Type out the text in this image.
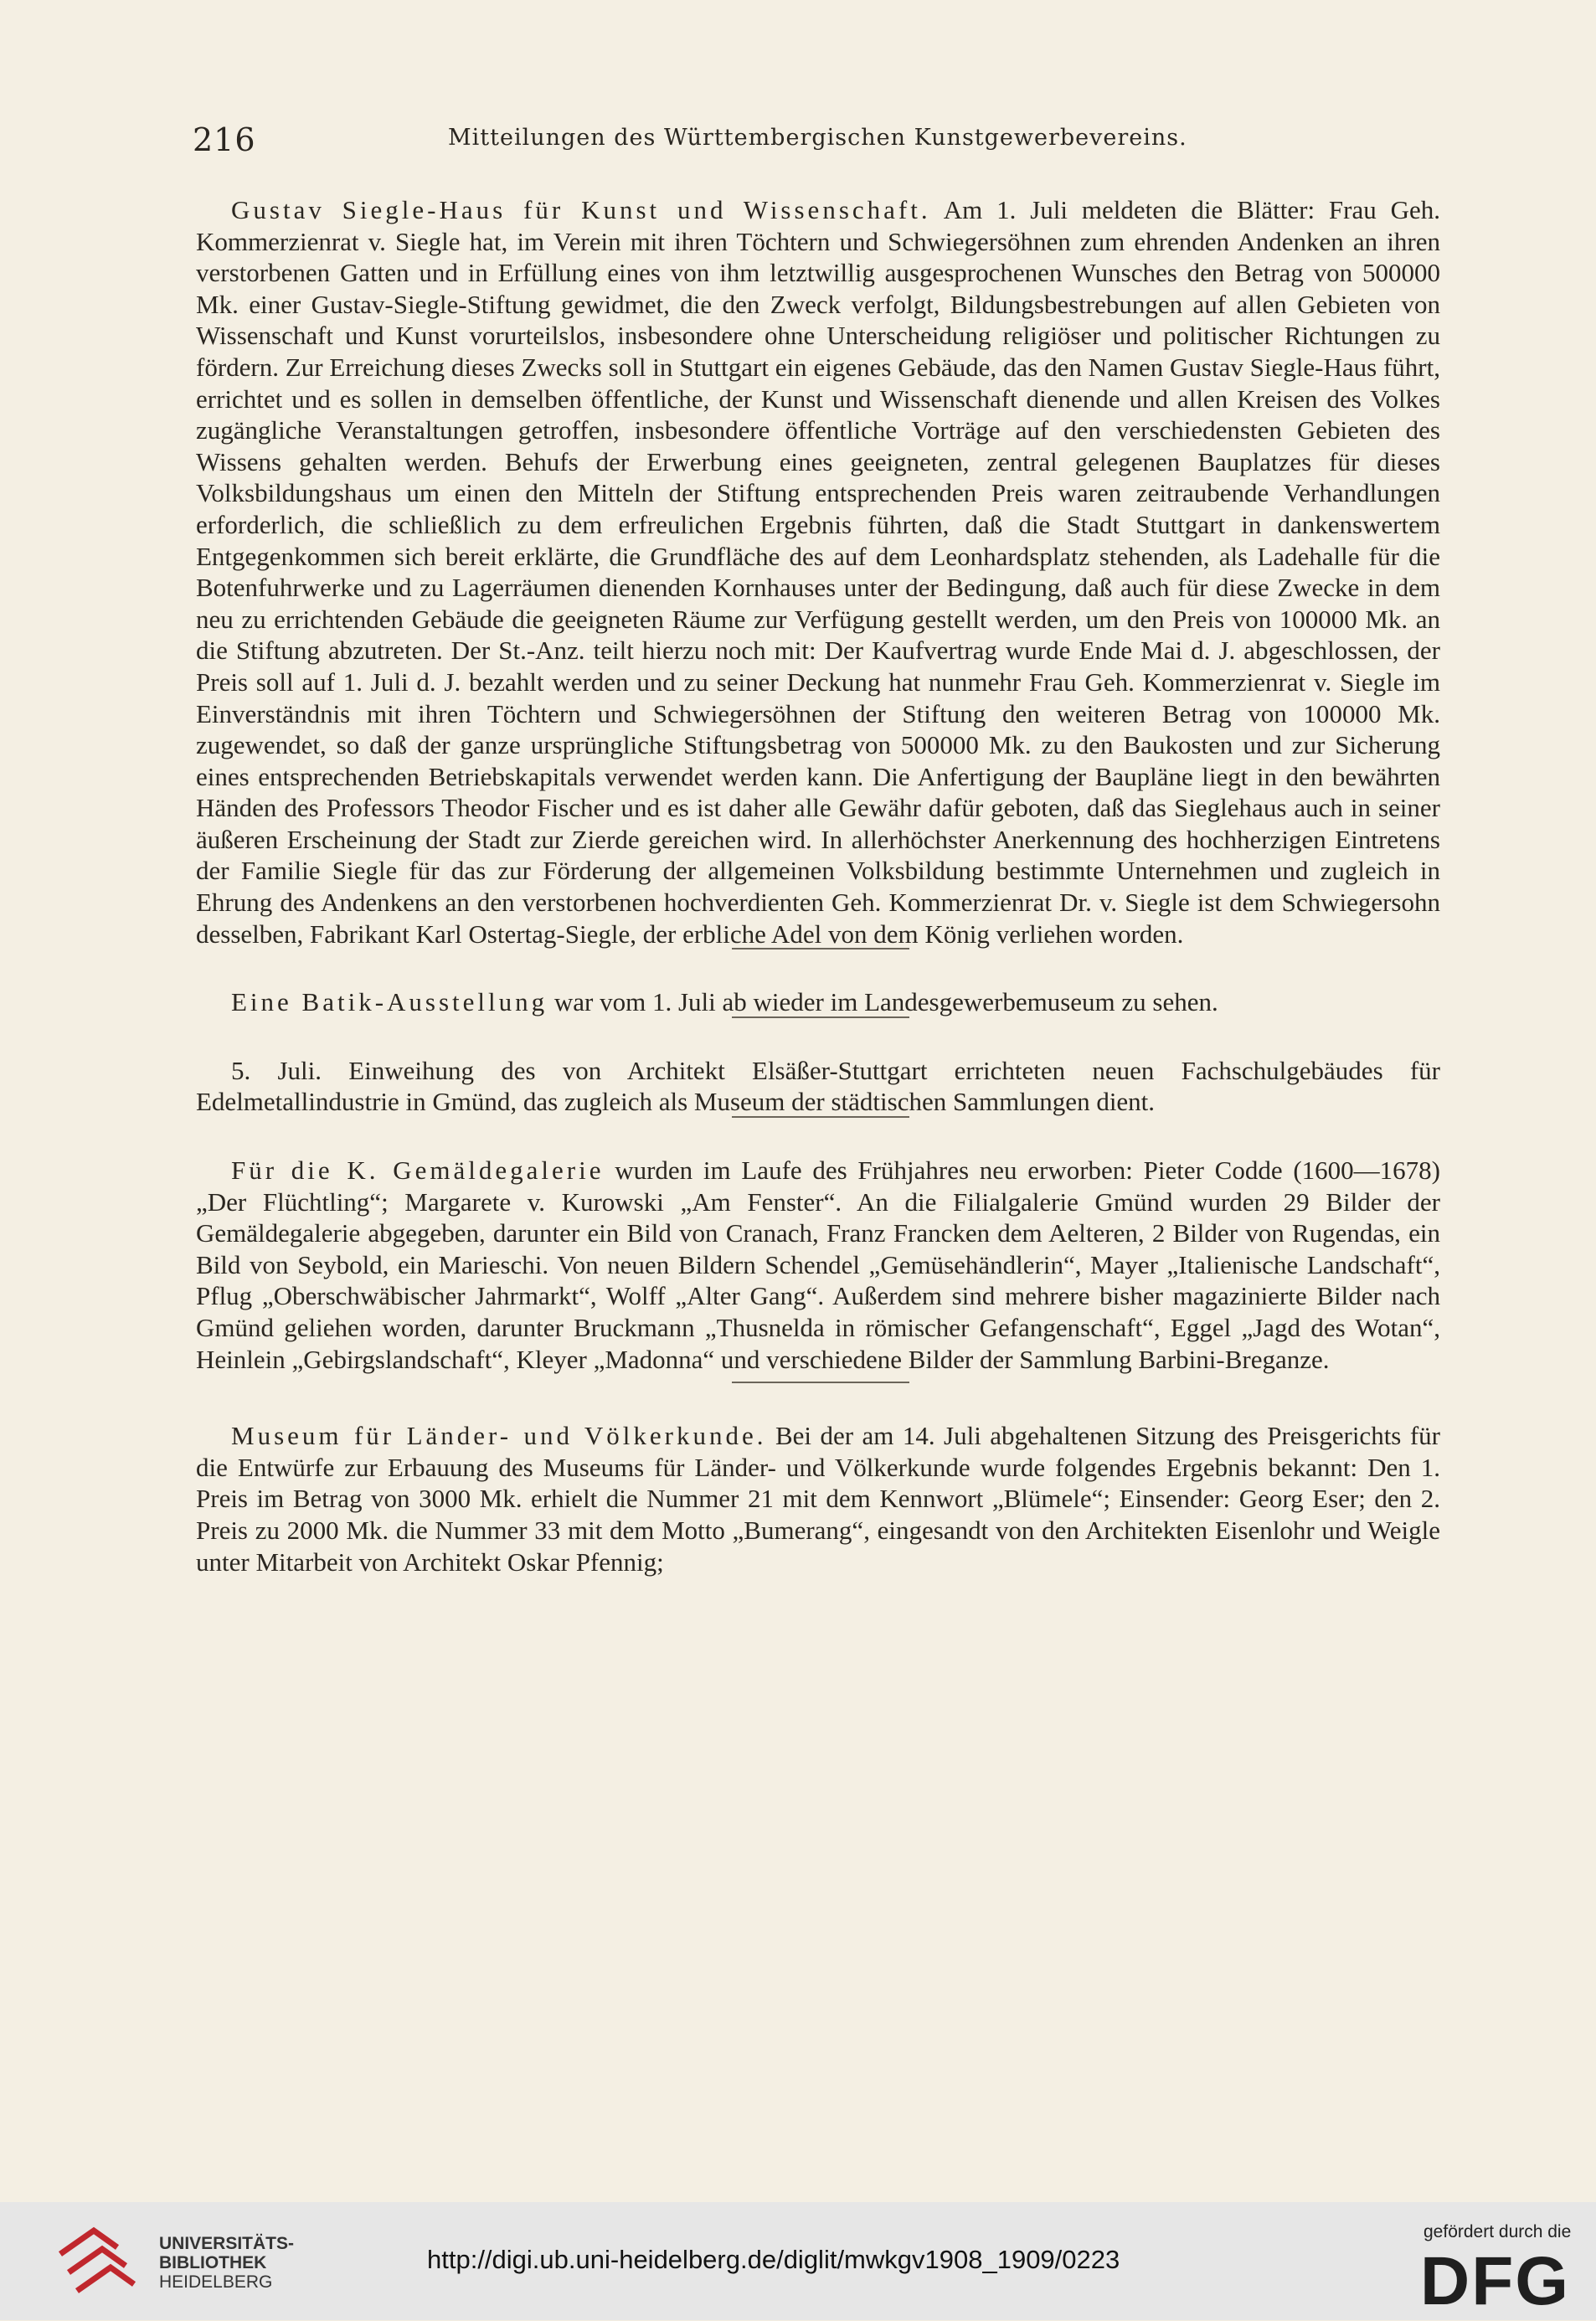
216	Mitteilungen des Württembergischen Kunstgewerbevereins.

Gustav Siegle-Haus für Kunst und Wissenschaft. Am 1. Juli meldeten die Blätter: Frau Geh. Kommerzienrat v. Siegle hat, im Verein mit ihren Töchtern und Schwiegersöhnen zum ehrenden Andenken an ihren verstorbenen Gatten und in Erfüllung eines von ihm letztwillig ausgesprochenen Wunsches den Betrag von 500000 Mk. einer Gustav-Siegle-Stiftung gewidmet, die den Zweck verfolgt, Bildungsbestrebungen auf allen Gebieten von Wissenschaft und Kunst vorurteilslos, insbesondere ohne Unterscheidung religiöser und politischer Richtungen zu fördern. Zur Erreichung dieses Zwecks soll in Stuttgart ein eigenes Gebäude, das den Namen Gustav Siegle-Haus führt, errichtet und es sollen in demselben öffentliche, der Kunst und Wissenschaft dienende und allen Kreisen des Volkes zugängliche Veranstaltungen getroffen, insbesondere öffentliche Vorträge auf den verschiedensten Gebieten des Wissens gehalten werden. Behufs der Erwerbung eines geeigneten, zentral gelegenen Bauplatzes für dieses Volksbildungshaus um einen den Mitteln der Stiftung entsprechenden Preis waren zeitraubende Verhandlungen erforderlich, die schließlich zu dem erfreulichen Ergebnis führten, daß die Stadt Stuttgart in dankenswertem Entgegenkommen sich bereit erklärte, die Grundfläche des auf dem Leonhardsplatz stehenden, als Ladehalle für die Botenfuhrwerke und zu Lagerräumen dienenden Kornhauses unter der Bedingung, daß auch für diese Zwecke in dem neu zu errichtenden Gebäude die geeigneten Räume zur Verfügung gestellt werden, um den Preis von 100000 Mk. an die Stiftung abzutreten. Der St.-Anz. teilt hierzu noch mit: Der Kaufvertrag wurde Ende Mai d. J. abgeschlossen, der Preis soll auf 1. Juli d. J. bezahlt werden und zu seiner Deckung hat nunmehr Frau Geh. Kommerzienrat v. Siegle im Einverständnis mit ihren Töchtern und Schwiegersöhnen der Stiftung den weiteren Betrag von 100000 Mk. zugewendet, so daß der ganze ursprüngliche Stiftungsbetrag von 500000 Mk. zu den Baukosten und zur Sicherung eines entsprechenden Betriebskapitals verwendet werden kann. Die Anfertigung der Baupläne liegt in den bewährten Händen des Professors Theodor Fischer und es ist daher alle Gewähr dafür geboten, daß das Sieglehaus auch in seiner äußeren Erscheinung der Stadt zur Zierde gereichen wird. In allerhöchster Anerkennung des hochherzigen Eintretens der Familie Siegle für das zur Förderung der allgemeinen Volksbildung bestimmte Unternehmen und zugleich in Ehrung des Andenkens an den verstorbenen hochverdienten Geh. Kommerzienrat Dr. v. Siegle ist dem Schwiegersohn desselben, Fabrikant Karl Ostertag-Siegle, der erbliche Adel von dem König verliehen worden.

Eine Batik-Ausstellung war vom 1. Juli ab wieder im Landesgewerbemuseum zu sehen.

5. Juli. Einweihung des von Architekt Elsäßer-Stuttgart errichteten neuen Fachschulgebäudes für Edelmetallindustrie in Gmünd, das zugleich als Museum der städtischen Sammlungen dient.

Für die K. Gemäldegalerie wurden im Laufe des Frühjahres neu erworben: Pieter Codde (1600—1678) „Der Flüchtling“; Margarete v. Kurowski „Am Fenster“. An die Filialgalerie Gmünd wurden 29 Bilder der Gemäldegalerie abgegeben, darunter ein Bild von Cranach, Franz Francken dem Aelteren, 2 Bilder von Rugendas, ein Bild von Seybold, ein Marieschi. Von neuen Bildern Schendel „Gemüsehändlerin“, Mayer „Italienische Landschaft“, Pflug „Oberschwäbischer Jahrmarkt“, Wolff „Alter Gang“. Außerdem sind mehrere bisher magazinierte Bilder nach Gmünd geliehen worden, darunter Bruckmann „Thusnelda in römischer Gefangenschaft“, Eggel „Jagd des Wotan“, Heinlein „Gebirgslandschaft“, Kleyer „Madonna“ und verschiedene Bilder der Sammlung Barbini-Breganze.

Museum für Länder- und Völkerkunde. Bei der am 14. Juli abgehaltenen Sitzung des Preisgerichts für die Entwürfe zur Erbauung des Museums für Länder- und Völkerkunde wurde folgendes Ergebnis bekannt: Den 1. Preis im Betrag von 3000 Mk. erhielt die Nummer 21 mit dem Kennwort „Blümele“; Einsender: Georg Eser; den 2. Preis zu 2000 Mk. die Nummer 33 mit dem Motto „Bumerang“, eingesandt von den Architekten Eisenlohr und Weigle unter Mitarbeit von Architekt Oskar Pfennig;

UNIVERSITÄTS-
BIBLIOTHEK
HEIDELBERG
http://digi.ub.uni-heidelberg.de/diglit/mwkgv1908_1909/0223
gefördert durch die
DFG
